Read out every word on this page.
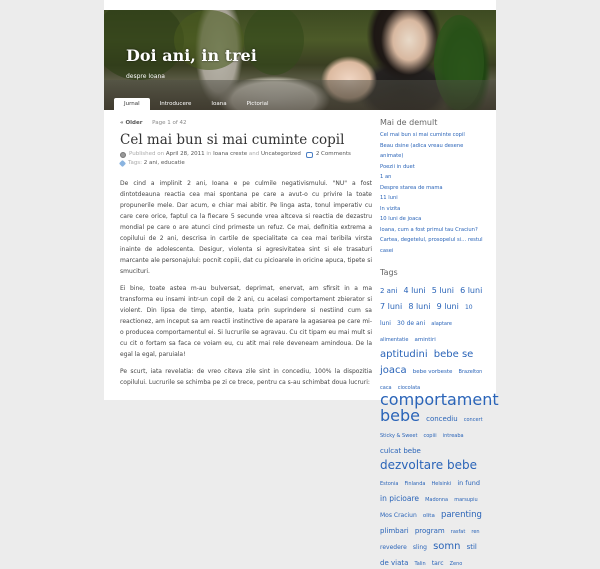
Doi ani, in trei
despre Ioana
Jurnal	Introducere	Ioana	Pictorial
« Older Page 1 of 42
Cel mai bun si mai cuminte copil
Published on
April 28, 2011
in
Ioana creste
and
Uncategorized	2 Comments
Tags:
2 ani, educatie

De cind a implinit 2 ani, Ioana e pe culmile negativismului. "NU" a fost dintotdeauna reactia cea mai spontana pe care a avut-o cu privire la toate propunerile mele. Dar acum, e chiar mai abitir. Pe linga asta, tonul imperativ cu care cere orice, faptul ca la fiecare 5 secunde vrea altceva si reactia de dezastru mondial pe care o are atunci cind primeste un refuz. Ce mai, definitia extrema a copilului de 2 ani, descrisa in cartile de specialitate ca cea mai teribila virsta inainte de adolescenta. Desigur, violenta si agresivitatea sint si ele trasaturi marcante ale personajului: pocnit copiii, dat cu picioarele in oricine apuca, tipete si smucituri.

Ei bine, toate astea m-au bulversat, deprimat, enervat, am sfirsit in a ma transforma eu insami intr-un copil de 2 ani, cu acelasi comportament zbierator si violent. Din lipsa de timp, atentie, luata prin suprindere si nestiind cum sa reactionez, am inceput sa am reactii instinctive de aparare la agasarea pe care mi-o producea comportamentul ei. Si lucrurile se agravau. Cu cit tipam eu mai mult si cu cit o fortam sa faca ce voiam eu, cu atit mai rele deveneam amindoua. De la egal la egal, paruiala!

Pe scurt, iata revelatia: de vreo citeva zile sint in concediu, 100% la dispozitia copilului. Lucrurile se schimba pe zi ce trece, pentru ca s-au schimbat doua lucruri:

Mai de demult
Cel mai bun si mai cuminte copil
Beau dsine (adica vreau desene animate)
Poezii in duet
1 an
Despre starea de mama
11 luni
In vizita
10 luni de joaca
Ioana, cum a fost primul tau Craciun?
Cartea, degetelul, prosopelul si… restul casei
Tags
2 ani 4 luni 5 luni 6 luni 7 luni 8 luni 9 luni 10 luni 30 de ani alaptare alimentatie amintiri aptitudini bebe se joaca bebe vorbeste Brazelton caca ciocolata comportament bebe concediu concert Sticky & Sweet copiii intreaba culcat bebe dezvoltare bebe Estonia Finlanda Helsinki in fund in picioare Madonna marsupiu Mos Craciun olita parenting plimbari program rasfat ren revedere sling somn stil de viata Talin tarc Zeno
